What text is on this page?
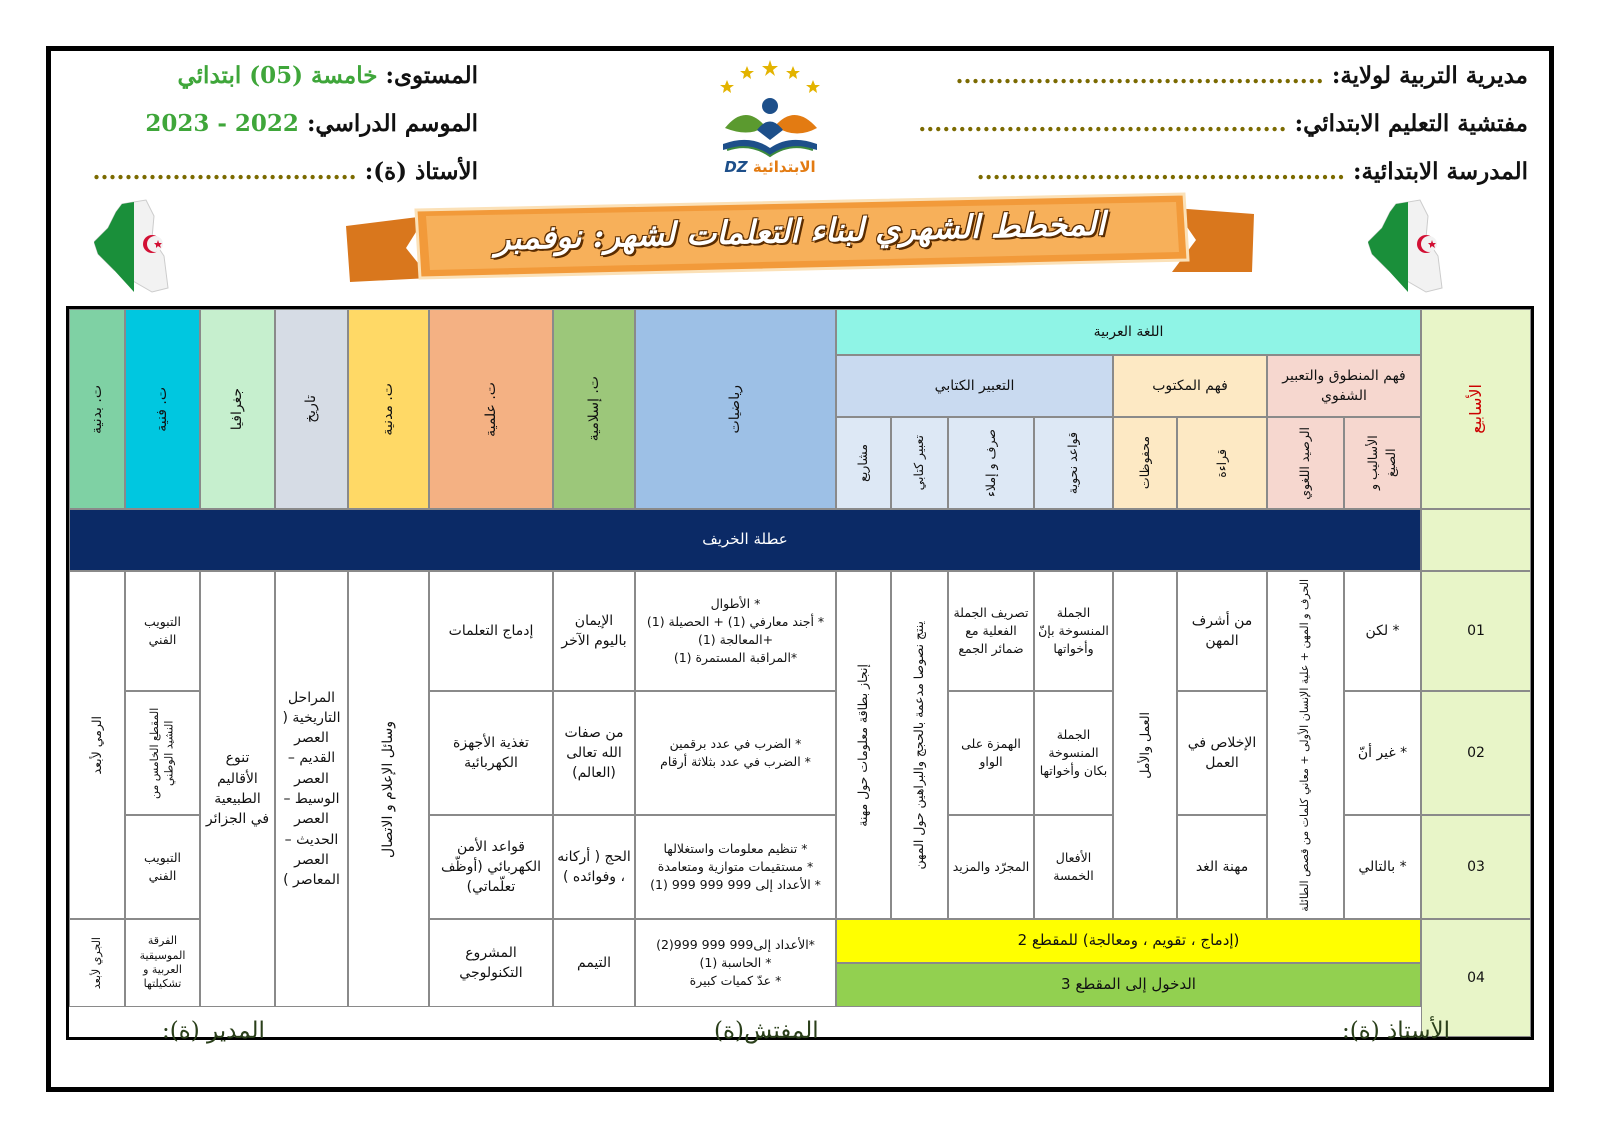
مديرية التربية لولاية: ..............................................
مفتشية التعليم الابتدائي: ..............................................
المدرسة الابتدائية: ..............................................
المستوى: خامسة (05) ابتدائي
الموسم الدراسي: 2022 - 2023
الأستاذ (ة): .................................	الابتدائية DZ
المخطط الشهري لبناء التعلمات لشهر: نوفمبر
الأسابيع
اللغة العربية
فهم المنطوق والتعبير الشفوي
فهم المكتوب
التعبير الكتابي
الأساليب و الصيغ
الرصيد اللغوي
قراءة
محفوظات
قواعد نحوية
صرف و إملاء
تعبير كتابي
مشاريع
رياضيات
ت. إسلامية
ت. علمية
ت. مدنية
تاريخ
جغرافيا
ت. فنية
ت. بدنية
عطلة الخريف
01
02
03
04
* لكن
* غير أنّ
* بالتالي
الحرف و المهن + علية الإنسان الأولى + معاني كلمات من قصص الطائلة
من أشرف المهن
الإخلاص في العمل
مهنة الغد
العمل والأمل
الجملة المنسوخة بإنّ وأخواتها
الجملة المنسوخة بكان وأخواتها
الأفعال الخمسة
تصريف الجملة الفعلية مع ضمائر الجمع
الهمزة على الواو
المجرّد والمزيد
ينتج نصوصا مدعمة بالحجج والبراهين حول المهن
إنجاز بطاقة معلومات حول مهنة
(إدماج ، تقويم ، ومعالجة) للمقطع 2
الدخول إلى المقطع 3
* الأطوال
* أجند معارفي (1) + الحصيلة (1) +المعالجة (1)
*المراقبة المستمرة (1)
* الضرب في عدد برقمين
* الضرب في عدد بثلاثة أرقام
* تنظيم معلومات واستغلالها
* مستقيمات متوازية ومتعامدة
* الأعداد إلى 999 999 999 (1)
*الأعداد إلى999 999 999(2)
* الحاسبة (1)
* عدّ كميات كبيرة
الإيمان باليوم الآخر
من صفات الله تعالى (العالم)
الحج ( أركانه ، وفوائده )
التيمم
إدماج التعلمات
تغذية الأجهزة الكهربائية
قواعد الأمن الكهربائي (أوظّف تعلّماتي)
المشروع التكنولوجي
وسائل الإعلام و الاتصال
المراحل التاريخية ( العصر القديم – العصر الوسيط – العصر الحديث – العصر المعاصر )
تنوع الأقاليم الطبيعية في الجزائر
التبويب الفني
المقطع الخامس من النشيد الوطني
التبويب الفني
الفرقة الموسيقية العربية و تشكيلتها
الرمي لأبعد
الجري لأبعد
الأستاذ (ة):
المفتش(ة)
المدير (ة):
